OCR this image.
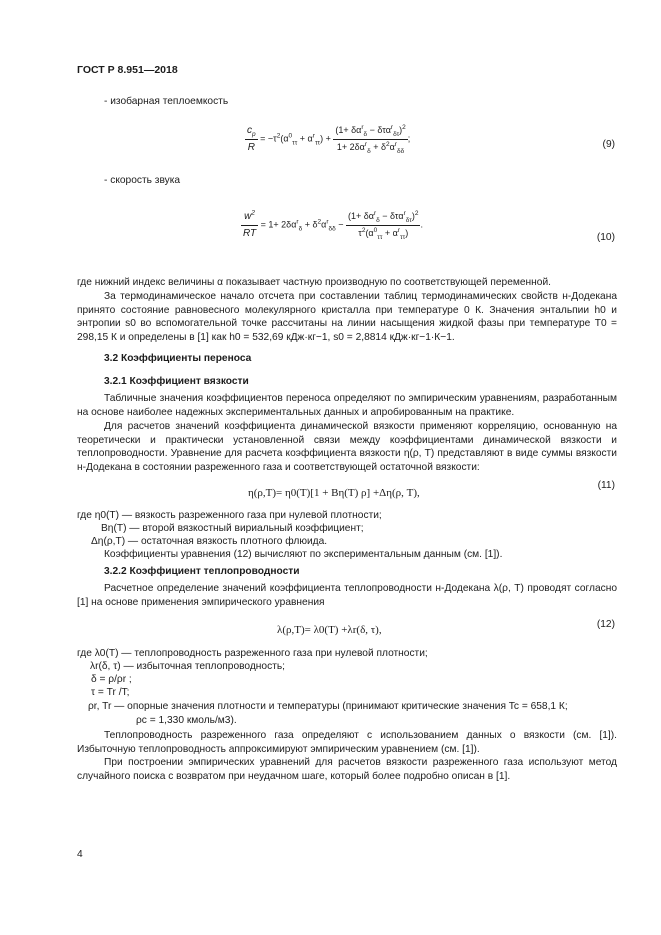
ГОСТ Р 8.951—2018
- изобарная теплоемкость
$\frac{c_p}{R} = -\tau^2(\alpha^0_{\tau\tau} + \alpha^r_{\tau\tau}) + \frac{(1+ \delta\alpha^r_\delta - \delta\tau\alpha^r_{\delta\tau})^2}{1+ 2\delta\alpha^r_\delta + \delta^2\alpha^r_{\delta\delta}}$ ;
(9)
- скорость звука
$\frac{w^2}{RT} = 1+ 2\delta\alpha^r_\delta + \delta^2\alpha^r_{\delta\delta} - \frac{(1+ \delta\alpha^r_\delta - \delta\tau\alpha^r_{\delta\tau})^2}{\tau^2(\alpha^0_{\tau\tau} + \alpha^r_{\tau\tau})}$ .
(10)
где нижний индекс величины α показывает частную производную по соответствующей переменной.
За термодинамическое начало отсчета при составлении таблиц термодинамических свойств н-Додекана принято состояние равновесного молекулярного кристалла при температуре 0 К. Значения энтальпии h0 и энтропии s0 во вспомогательной точке рассчитаны на линии насыщения жидкой фазы при температуре T0 = 298,15 К и определены в [1] как h0 = 532,69 кДж·кг−1, s0 = 2,8814 кДж·кг−1·К−1.
3.2 Коэффициенты переноса
3.2.1 Коэффициент вязкости
Табличные значения коэффициентов переноса определяют по эмпирическим уравнениям, разработанным на основе наиболее надежных экспериментальных данных и апробированным на практике.
Для расчетов значений коэффициента динамической вязкости применяют корреляцию, основанную на теоретически и практически установленной связи между коэффициентами динамической вязкости и теплопроводности. Уравнение для расчета коэффициента вязкости η(ρ, T) представляют в виде суммы вязкости н-Додекана в состоянии разреженного газа и соответствующей остаточной вязкости:
(11)
η(ρ,T)= η0(T)[1 + Bη(T) ρ] +Δη(ρ, T),
где η0(T) — вязкость разреженного газа при нулевой плотности;
Bη(T) — второй вязкостный вириальный коэффициент;
Δη(ρ,T) — остаточная вязкость плотного флюида.
Коэффициенты уравнения (12) вычисляют по экспериментальным данным (см. [1]).
3.2.2 Коэффициент теплопроводности
Расчетное определение значений коэффициента теплопроводности н-Додекана λ(ρ, T) проводят согласно [1] на основе применения эмпирического уравнения
(12)
λ(ρ,T)= λ0(T) +λr(δ, τ),
где λ0(T) — теплопроводность разреженного газа при нулевой плотности;
λr(δ, τ) — избыточная теплопроводность;
δ = ρ/ρr ;
τ = Tr /T;
ρr, Tr — опорные значения плотности и температуры (принимают критические значения Tc = 658,1 К;
ρc = 1,330 кмоль/м3).
Теплопроводность разреженного газа определяют с использованием данных о вязкости (см. [1]). Избыточную теплопроводность аппроксимируют эмпирическим уравнением (см. [1]).
При построении эмпирических уравнений для расчетов вязкости разреженного газа используют метод случайного поиска с возвратом при неудачном шаге, который более подробно описан в [1].
4
